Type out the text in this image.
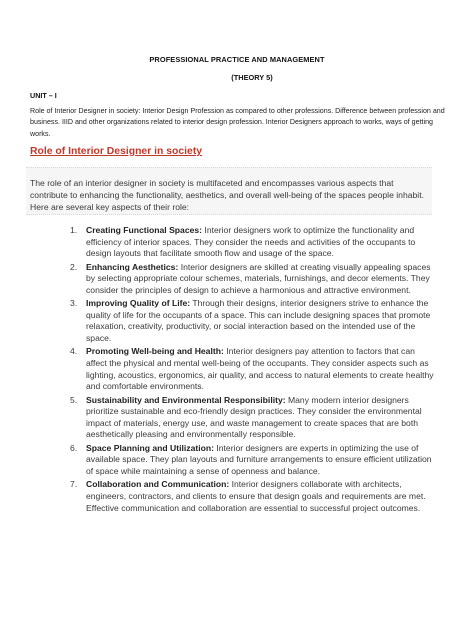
PROFESSIONAL PRACTICE AND MANAGEMENT
(THEORY 5)
UNIT – I
Role of Interior Designer in society: Interior Design Profession as compared to other professions. Difference between profession and business. IIID and other organizations related to interior design profession. Interior Designers approach to works, ways of getting works.
Role of Interior Designer in society
The role of an interior designer in society is multifaceted and encompasses various aspects that contribute to enhancing the functionality, aesthetics, and overall well-being of the spaces people inhabit. Here are several key aspects of their role:
1. Creating Functional Spaces: Interior designers work to optimize the functionality and efficiency of interior spaces. They consider the needs and activities of the occupants to design layouts that facilitate smooth flow and usage of the space.
2. Enhancing Aesthetics: Interior designers are skilled at creating visually appealing spaces by selecting appropriate colour schemes, materials, furnishings, and decor elements. They consider the principles of design to achieve a harmonious and attractive environment.
3. Improving Quality of Life: Through their designs, interior designers strive to enhance the quality of life for the occupants of a space. This can include designing spaces that promote relaxation, creativity, productivity, or social interaction based on the intended use of the space.
4. Promoting Well-being and Health: Interior designers pay attention to factors that can affect the physical and mental well-being of the occupants. They consider aspects such as lighting, acoustics, ergonomics, air quality, and access to natural elements to create healthy and comfortable environments.
5. Sustainability and Environmental Responsibility: Many modern interior designers prioritize sustainable and eco-friendly design practices. They consider the environmental impact of materials, energy use, and waste management to create spaces that are both aesthetically pleasing and environmentally responsible.
6. Space Planning and Utilization: Interior designers are experts in optimizing the use of available space. They plan layouts and furniture arrangements to ensure efficient utilization of space while maintaining a sense of openness and balance.
7. Collaboration and Communication: Interior designers collaborate with architects, engineers, contractors, and clients to ensure that design goals and requirements are met. Effective communication and collaboration are essential to successful project outcomes.
